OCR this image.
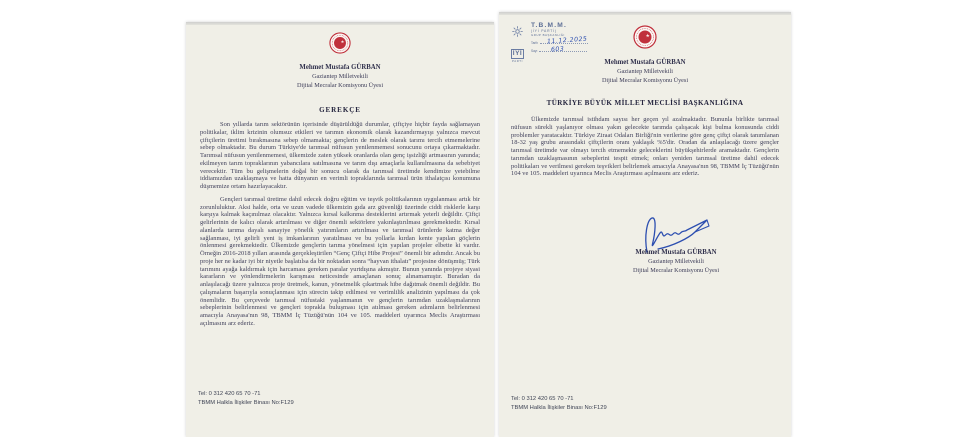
Mehmet Mustafa GÜRBAN
Gaziantep Milletvekili
Dijital Mecralar Komisyonu Üyesi
GEREKÇE

Son yıllarda tarım sektörünün içerisinde düşürüldüğü durumlar, çiftçiye hiçbir fayda sağlamayan politikalar, iklim krizinin olumsuz etkileri ve tarımın ekonomik olarak kazandırmayışı yalnızca mevcut çiftçilerin üretimi bırakmasına sebep olmamakta; gençlerin de meslek olarak tarımı tercih etmemelerine sebep olmaktadır. Bu durum Türkiye'de tarımsal nüfusun yenilenmemesi sonucunu ortaya çıkarmaktadır. Tarımsal nüfusun yenilenmemesi, ülkemizde zaten yüksek oranlarda olan genç işsizliği artmasının yanında; ekilmeyen tarım topraklarının yabancılara satılmasına ve tarım dışı amaçlarla kullanılmasına da sebebiyet verecektir. Tüm bu gelişmelerin doğal bir sonucu olarak da tarımsal üretimde kendimize yetebilme iddiamızdan uzaklaşmaya ve hatta dünyanın en verimli topraklarında tarımsal ürün ithalatçısı konumuna düşmemize ortam hazırlayacaktır.

Gençleri tarımsal üretime dahil edecek doğru eğitim ve teşvik politikalarının uygulanması artık bir zorunluluktur. Aksi halde, orta ve uzun vadede ülkemizin gıda arz güvenliği üzerinde ciddi risklerle karşı karşıya kalmak kaçınılmaz olacaktır. Yalnızca kırsal kalkınma desteklerini artırmak yeterli değildir. Çiftçi gelirlerinin de kalıcı olarak artırılması ve diğer önemli sektörlere yakınlaştırılması gerekmektedir. Kırsal alanlarda tarıma dayalı sanayiye yönelik yatırımların artırılması ve tarımsal ürünlerde katma değer sağlanması, iyi gelirli yeni iş imkanlarının yaratılması ve bu yollarla kırdan kente yapılan göçlerin önlenmesi gerekmektedir. Ülkemizde gençlerin tarıma yönelmesi için yapılan projeler elbette ki vardır. Örneğin 2016-2018 yılları arasında gerçekleştirilen “Genç Çiftçi Hibe Projesi” önemli bir adımdır. Ancak bu proje her ne kadar iyi bir niyetle başlatılsa da bir noktadan sonra “hayvan ithalatı” projesine dönüşmüş; Türk tarımını ayağa kaldırmak için harcaması gereken paralar yurtdışına akmıştır. Bunun yanında projeye siyasi kararların ve yönlendirmelerin karışması neticesinde amaçlanan sonuç alınamamıştır. Buradan da anlaşılacağı üzere yalnızca proje üretmek, kanun, yönetmelik çıkartmak hibe dağıtmak önemli değildir. Bu çalışmaların başarıyla sonuçlanması için sürecin takip edilmesi ve verimlilik analizinin yapılması da çok önemlidir. Bu çerçevede tarımsal nüfustaki yaşlanmanın ve gençlerin tarımdan uzaklaşmalarının sebeplerinin belirlenmesi ve gençleri toprakla buluşması için atılması gereken adımların belirlenmesi amacıyla Anayasa'nın 98, TBMM İç Tüzüğü'nün 104 ve 105. maddeleri uyarınca Meclis Araştırması açılmasını arz ederiz.

Tel: 0 312 420 65 70 -71
TBMM Halkla İlişkiler Binası No:F129
İYİ
PARTİ
T.B.M.M.
(İYİ PARTİ)
GRUP BAŞKANLIĞI
Tarih 11.12.2025
Sayı 603
Mehmet Mustafa GÜRBAN
Gaziantep Milletvekili
Dijital Mecralar Komisyonu Üyesi
TÜRKİYE BÜYÜK MİLLET MECLİSİ BAŞKANLIĞINA

Ülkemizde tarımsal istihdam sayısı her geçen yıl azalmaktadır. Bununla birlikte tarımsal nüfusun sürekli yaşlanıyor olması yakın gelecekte tarımda çalışacak kişi bulma konusunda ciddi problemler yaratacaktır. Türkiye Ziraat Odaları Birliği'nin verilerine göre genç çiftçi olarak tanımlanan 18-32 yaş grubu arasındaki çiftçilerin oranı yaklaşık %5'dir. Oradan da anlaşılacağı üzere gençler tarımsal üretimde var olmayı tercih etmemekte geleceklerini büyükşehirlerde aramaktadır. Gençlerin tarımdan uzaklaşmasının sebeplerini tespit etmek; onları yeniden tarımsal üretime dahil edecek politikaları ve verilmesi gereken teşvikleri belirlemek amacıyla Anayasa'nın 98, TBMM İç Tüzüğü'nün 104 ve 105. maddeleri uyarınca Meclis Araştırması açılmasını arz ederiz.

Mehmet Mustafa GÜRBAN
Gaziantep Milletvekili
Dijital Mecralar Komisyonu Üyesi
Tel: 0 312 420 65 70 -71
TBMM Halkla İlişkiler Binası No:F129
